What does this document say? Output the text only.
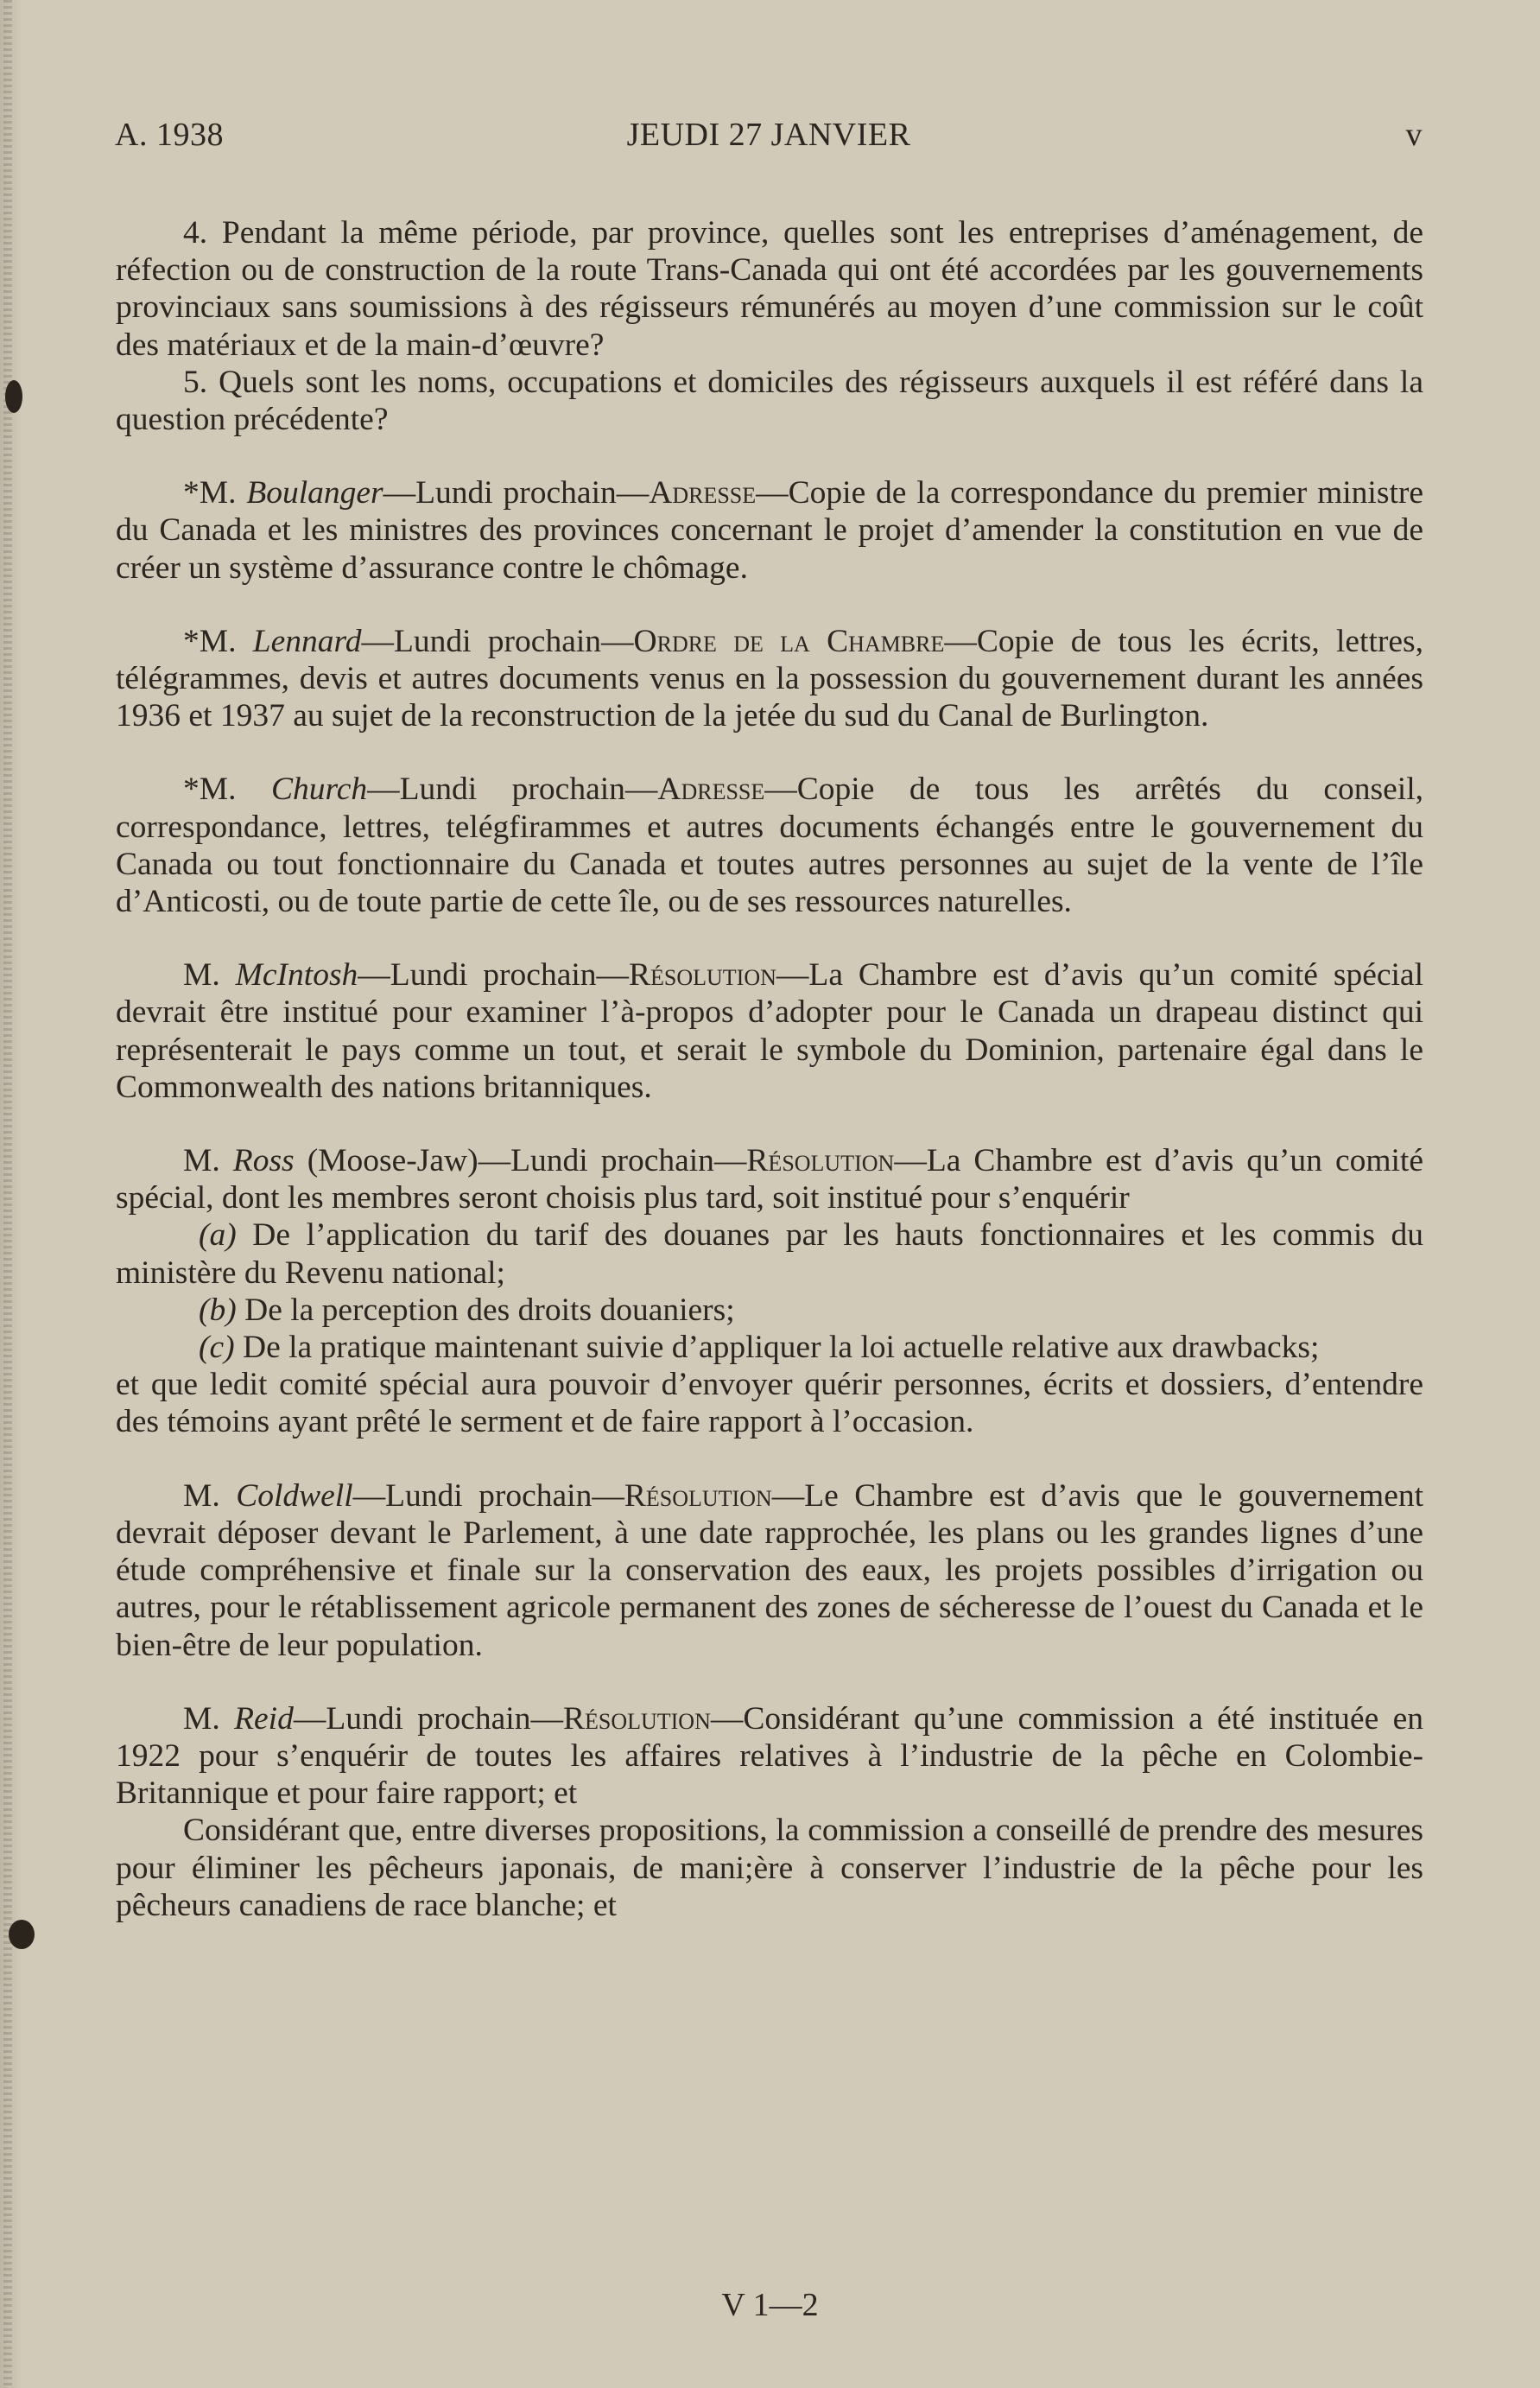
A. 1938	JEUDI 27 JANVIER	v

4. Pendant la même période, par province, quelles sont les entreprises d’aménagement, de réfection ou de construction de la route Trans-Canada qui ont été accordées par les gouvernements provinciaux sans soumissions à des régisseurs rémunérés au moyen d’une commission sur le coût des matériaux et de la main-d’œuvre?

5. Quels sont les noms, occupations et domiciles des régisseurs auxquels il est référé dans la question précédente?

*M. Boulanger—Lundi prochain—Adresse—Copie de la correspondance du premier ministre du Canada et les ministres des provinces concernant le projet d’amender la constitution en vue de créer un système d’assurance contre le chômage.

*M. Lennard—Lundi prochain—Ordre de la Chambre—Copie de tous les écrits, lettres, télégrammes, devis et autres documents venus en la possession du gouvernement durant les années 1936 et 1937 au sujet de la reconstruction de la jetée du sud du Canal de Burlington.

*M. Church—Lundi prochain—Adresse—Copie de tous les arrêtés du conseil, correspondance, lettres, telégfirammes et autres documents échangés entre le gouvernement du Canada ou tout fonctionnaire du Canada et toutes autres personnes au sujet de la vente de l’île d’Anticosti, ou de toute partie de cette île, ou de ses ressources naturelles.

M. McIntosh—Lundi prochain—Résolution—La Chambre est d’avis qu’un comité spécial devrait être institué pour examiner l’à-propos d’adopter pour le Canada un drapeau distinct qui représenterait le pays comme un tout, et serait le symbole du Dominion, partenaire égal dans le Commonwealth des nations britanniques.

M. Ross (Moose-Jaw)—Lundi prochain—Résolution—La Chambre est d’avis qu’un comité spécial, dont les membres seront choisis plus tard, soit institué pour s’enquérir

(a) De l’application du tarif des douanes par les hauts fonctionnaires et les commis du ministère du Revenu national;

(b) De la perception des droits douaniers;

(c) De la pratique maintenant suivie d’appliquer la loi actuelle relative aux drawbacks;

et que ledit comité spécial aura pouvoir d’envoyer quérir personnes, écrits et dossiers, d’entendre des témoins ayant prêté le serment et de faire rapport à l’occasion.

M. Coldwell—Lundi prochain—Résolution—Le Chambre est d’avis que le gouvernement devrait déposer devant le Parlement, à une date rapprochée, les plans ou les grandes lignes d’une étude compréhensive et finale sur la conservation des eaux, les projets possibles d’irrigation ou autres, pour le rétablissement agricole permanent des zones de sécheresse de l’ouest du Canada et le bien-être de leur population.

M. Reid—Lundi prochain—Résolution—Considérant qu’une commission a été instituée en 1922 pour s’enquérir de toutes les affaires relatives à l’industrie de la pêche en Colombie-Britannique et pour faire rapport; et

Considérant que, entre diverses propositions, la commission a conseillé de prendre des mesures pour éliminer les pêcheurs japonais, de mani;ère à conserver l’industrie de la pêche pour les pêcheurs canadiens de race blanche; et

V 1—2
